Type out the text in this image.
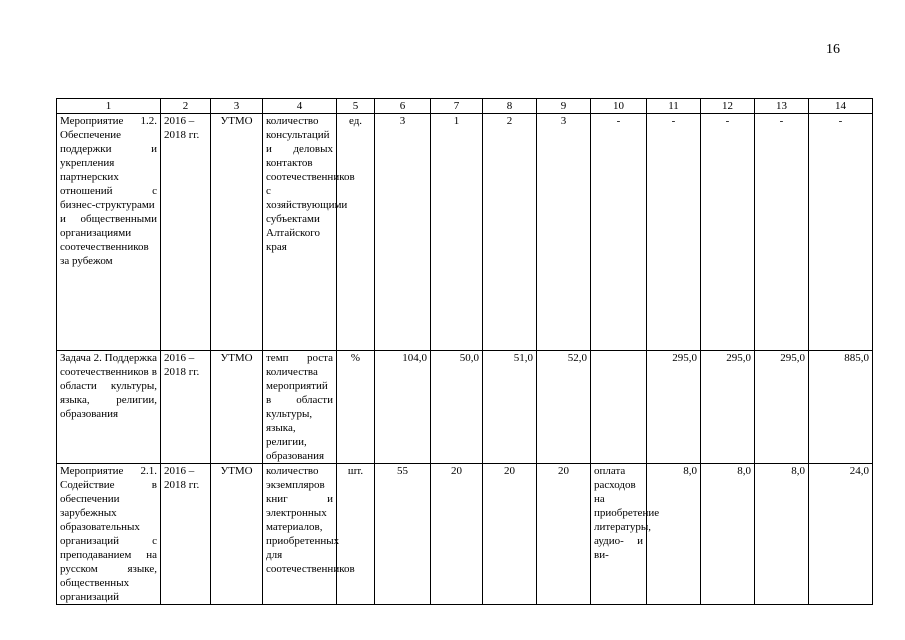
16
1	2	3	4	5	6	7	8	9	10	11	12	13	14
Мероприятие 1.2. Обеспечение поддержки и укрепления партнерских отношений с бизнес-структурами и общественными организациями соотечественников за рубежом	2016 – 2018 гг.	УТМО	количество консультаций и деловых контактов соотечественников с хозяйствующими субъектами Алтайского края	ед.	3	1	2	3	-	-	-	-	-
Задача 2. Поддержка соотечественников в области культуры, языка, религии, образования	2016 – 2018 гг.	УТМО	темп роста количества мероприятий в области культуры, языка, религии, образования	%	104,0	50,0	51,0	52,0		295,0	295,0	295,0	885,0
Мероприятие 2.1. Содействие в обеспечении зарубежных образовательных организаций с преподаванием на русском языке, общественных организаций	2016 – 2018 гг.	УТМО	количество экземпляров книг и электронных материалов, приобретенных для соотечественников	шт.	55	20	20	20	оплата расходов на приобретение литературы, аудио- и ви-	8,0	8,0	8,0	24,0
